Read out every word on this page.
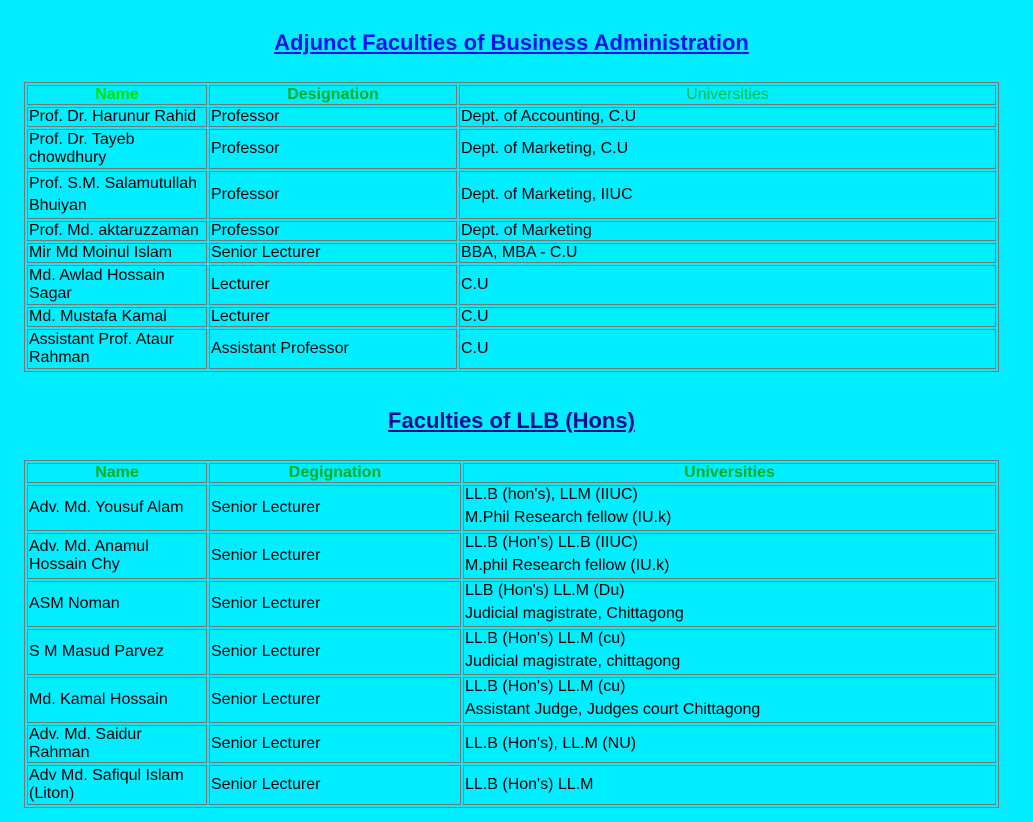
Adjunct Faculties of Business Administration
Name	Designation	Universities
Prof. Dr. Harunur Rahid	Professor	Dept. of Accounting, C.U
Prof. Dr. Tayeb chowdhury	Professor	Dept. of Marketing, C.U
Prof. S.M. Salamutullah Bhuiyan	Professor	Dept. of Marketing, IIUC
Prof. Md. aktaruzzaman	Professor	Dept. of Marketing
Mir Md Moinul Islam	Senior Lecturer	BBA, MBA - C.U
Md. Awlad Hossain Sagar	Lecturer	C.U
Md. Mustafa Kamal	Lecturer	C.U
Assistant Prof. Ataur Rahman	Assistant Professor	C.U
Faculties of LLB (Hons)
Name	Degignation	Universities
Adv. Md. Yousuf Alam	Senior Lecturer	LL.B (hon's), LLM (IIUC)
M.Phil Research fellow (IU.k)

Adv. Md. Anamul Hossain Chy	Senior Lecturer	LL.B (Hon's) LL.B (IIUC)
M.phil Research fellow (IU.k)

ASM Noman	Senior Lecturer	LLB (Hon's) LL.M (Du)
Judicial magistrate, Chittagong

S M Masud Parvez	Senior Lecturer	LL.B (Hon's) LL.M (cu)
Judicial magistrate, chittagong

Md. Kamal Hossain	Senior Lecturer	LL.B (Hon's) LL.M (cu)
Assistant Judge, Judges court Chittagong

Adv. Md. Saidur Rahman	Senior Lecturer	LL.B (Hon's), LL.M (NU)
Adv Md. Safiqul Islam (Liton)	Senior Lecturer	LL.B (Hon's) LL.M
